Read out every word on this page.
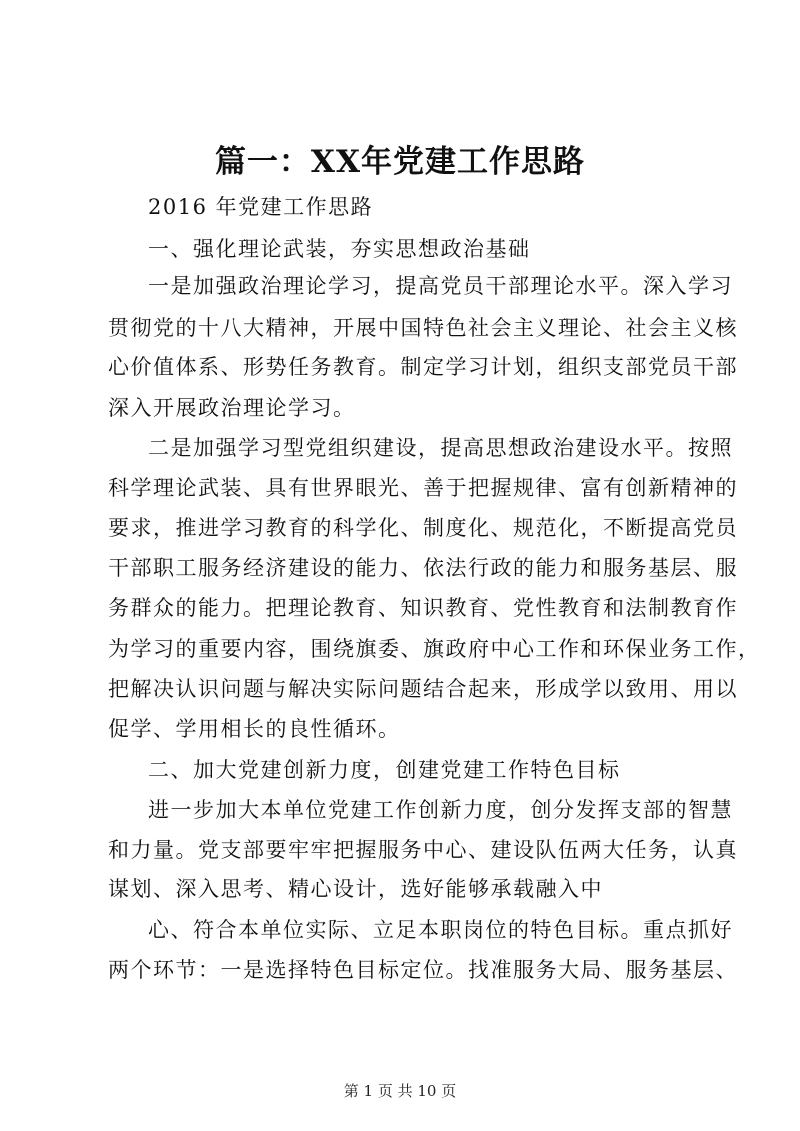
篇一：XX年党建工作思路
2016 年党建工作思路
一、强化理论武装，夯实思想政治基础
一是加强政治理论学习，提高党员干部理论水平。深入学习
贯彻党的十八大精神，开展中国特色社会主义理论、社会主义核
心价值体系、形势任务教育。制定学习计划，组织支部党员干部
深入开展政治理论学习。
二是加强学习型党组织建设，提高思想政治建设水平。按照
科学理论武装、具有世界眼光、善于把握规律、富有创新精神的
要求，推进学习教育的科学化、制度化、规范化，不断提高党员
干部职工服务经济建设的能力、依法行政的能力和服务基层、服
务群众的能力。把理论教育、知识教育、党性教育和法制教育作
为学习的重要内容，围绕旗委、旗政府中心工作和环保业务工作，
把解决认识问题与解决实际问题结合起来，形成学以致用、用以
促学、学用相长的良性循环。
二、加大党建创新力度，创建党建工作特色目标
进一步加大本单位党建工作创新力度，创分发挥支部的智慧
和力量。党支部要牢牢把握服务中心、建设队伍两大任务，认真
谋划、深入思考、精心设计，选好能够承载融入中
心、符合本单位实际、立足本职岗位的特色目标。重点抓好
两个环节：一是选择特色目标定位。找准服务大局、服务基层、
第 1 页 共 10 页
